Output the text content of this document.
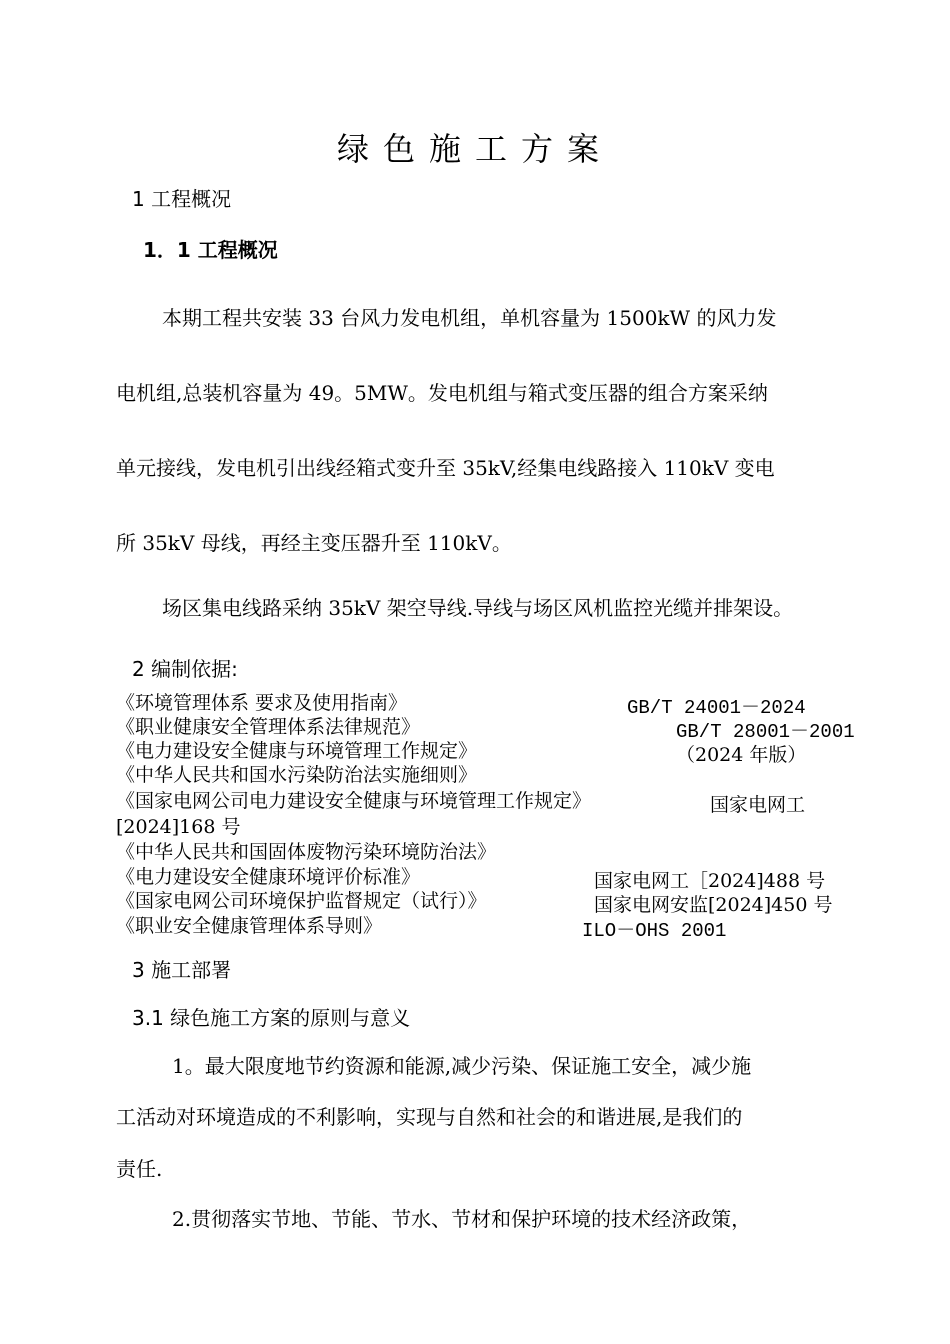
绿色施工方案
1 工程概况
1．1 工程概况
本期工程共安装 33 台风力发电机组，单机容量为 1500kW 的风力发
电机组,总装机容量为 49。5MW。发电机组与箱式变压器的组合方案采纳
单元接线，发电机引出线经箱式变升至 35kV,经集电线路接入 110kV 变电
所 35kV 母线，再经主变压器升至 110kV。
场区集电线路采纳 35kV 架空导线.导线与场区风机监控光缆并排架设。
2 编制依据:
《环境管理体系 要求及使用指南》	GB/T 24001－2024
《职业健康安全管理体系法律规范》	GB/T 28001－2001
《电力建设安全健康与环境管理工作规定》	（2024 年版）
《中华人民共和国水污染防治法实施细则》
《国家电网公司电力建设安全健康与环境管理工作规定》	国家电网工
[2024]168 号
《中华人民共和国固体废物污染环境防治法》
《电力建设安全健康环境评价标准》	国家电网工［2024]488 号
《国家电网公司环境保护监督规定（试行）》	国家电网安监[2024]450 号
《职业安全健康管理体系导则》	ILO－OHS 2001
3 施工部署
3.1 绿色施工方案的原则与意义
1。最大限度地节约资源和能源,减少污染、保证施工安全，减少施
工活动对环境造成的不利影响，实现与自然和社会的和谐进展,是我们的
责任.
2.贯彻落实节地、节能、节水、节材和保护环境的技术经济政策，
